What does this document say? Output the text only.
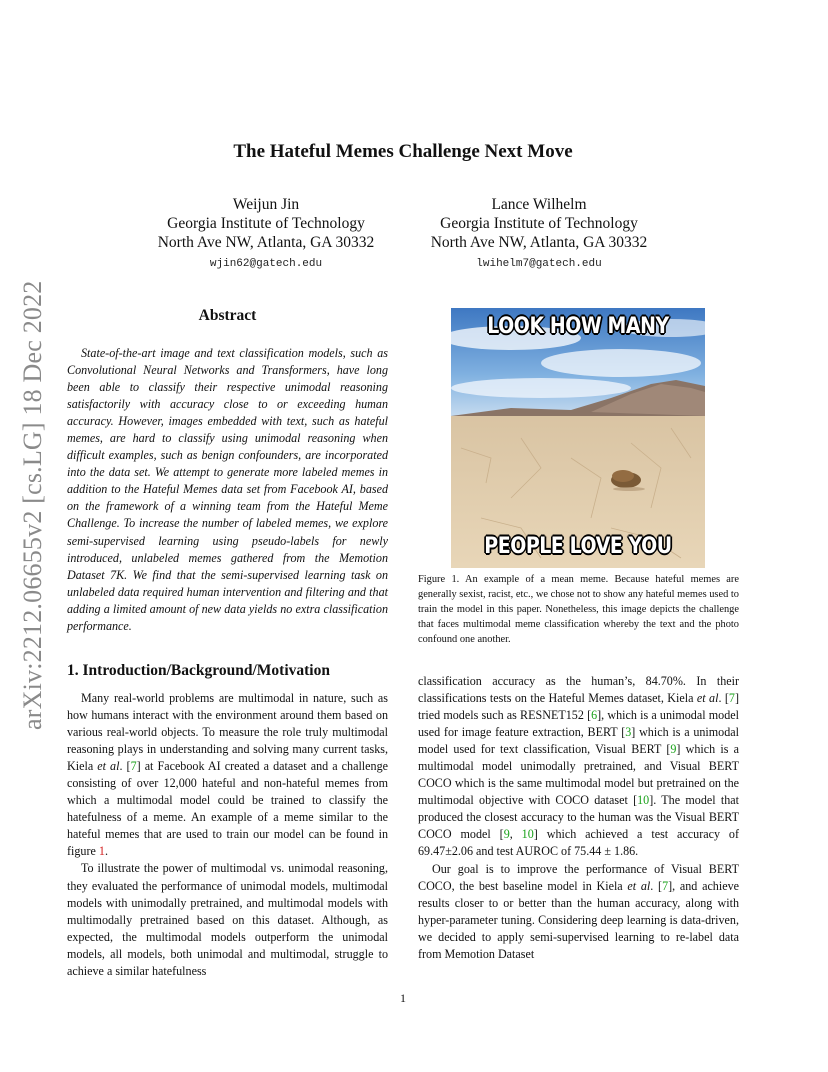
The Hateful Memes Challenge Next Move
Weijun Jin
Georgia Institute of Technology
North Ave NW, Atlanta, GA 30332
wjin62@gatech.edu
Lance Wilhelm
Georgia Institute of Technology
North Ave NW, Atlanta, GA 30332
lwihelm7@gatech.edu
arXiv:2212.06655v2 [cs.LG] 18 Dec 2022	Abstract
State-of-the-art image and text classification models, such as Convolutional Neural Networks and Transformers, have long been able to classify their respective unimodal reasoning satisfactorily with accuracy close to or exceeding human accuracy. However, images embedded with text, such as hateful memes, are hard to classify using unimodal reasoning when difficult examples, such as benign confounders, are incorporated into the data set. We attempt to generate more labeled memes in addition to the Hateful Memes data set from Facebook AI, based on the framework of a winning team from the Hateful Meme Challenge. To increase the number of labeled memes, we explore semi-supervised learning using pseudo-labels for newly introduced, unlabeled memes gathered from the Memotion Dataset 7K. We find that the semi-supervised learning task on unlabeled data required human intervention and filtering and that adding a limited amount of new data yields no extra classification performance.
LOOK HOW MANY
PEOPLE LOVE YOU
Figure 1. An example of a mean meme. Because hateful memes are generally sexist, racist, etc., we chose not to show any hateful memes used to train the model in this paper. Nonetheless, this image depicts the challenge that faces multimodal meme classification whereby the text and the photo confound one another.
1. Introduction/Background/Motivation

Many real-world problems are multimodal in nature, such as how humans interact with the environment around them based on various real-world objects. To measure the role truly multimodal reasoning plays in understanding and solving many current tasks, Kiela et al. [7] at Facebook AI created a dataset and a challenge consisting of over 12,000 hateful and non-hateful memes from which a multimodal model could be trained to classify the hatefulness of a meme. An example of a meme similar to the hateful memes that are used to train our model can be found in figure 1.

To illustrate the power of multimodal vs. unimodal reasoning, they evaluated the performance of unimodal models, multimodal models with unimodally pretrained, and multimodal models with multimodally pretrained based on this dataset. Although, as expected, the multimodal models outperform the unimodal models, all models, both unimodal and multimodal, struggle to achieve a similar hatefulness

classification accuracy as the human’s, 84.70%. In their classifications tests on the Hateful Memes dataset, Kiela et al. [7] tried models such as RESNET152 [6], which is a unimodal model used for image feature extraction, BERT [3] which is a unimodal model used for text classification, Visual BERT [9] which is a multimodal model unimodally pretrained, and Visual BERT COCO which is the same multimodal model but pretrained on the multimodal objective with COCO dataset [10]. The model that produced the closest accuracy to the human was the Visual BERT COCO model [9, 10] which achieved a test accuracy of 69.47±2.06 and test AUROC of 75.44 ± 1.86.

Our goal is to improve the performance of Visual BERT COCO, the best baseline model in Kiela et al. [7], and achieve results closer to or better than the human accuracy, along with hyper-parameter tuning. Considering deep learning is data-driven, we decided to apply semi-supervised learning to re-label data from Memotion Dataset

1
